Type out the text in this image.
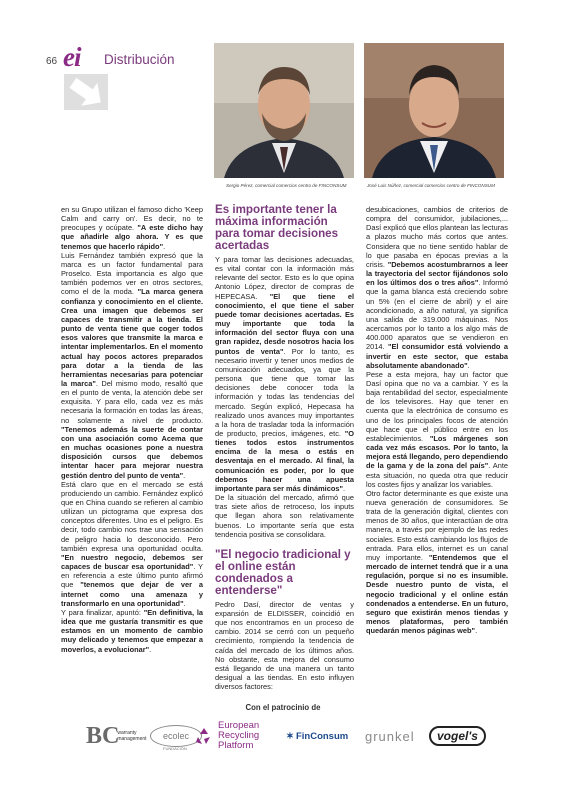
66 ei Distribución
Sergio Pérez, comercial comercios centro de FINCONSUM	José Luis Núñez, comercial comercios centro de FINCONSUM

en su Grupo utilizan el famoso dicho 'Keep Calm and carry on'. Es decir, no te preocupes y ocúpate. "A este dicho hay que añadirle algo ahora. Y es que tenemos que hacerlo rápido".

Luis Fernández también expresó que la marca es un factor fundamental para Proselco. Esta importancia es algo que también podemos ver en otros sectores, como el de la moda. "La marca genera confianza y conocimiento en el cliente. Crea una imagen que debemos ser capaces de transmitir a la tienda. El punto de venta tiene que coger todos esos valores que transmite la marca e intentar implementarlos. En el momento actual hay pocos actores preparados para dotar a la tienda de las herramientas necesarias para potenciar la marca". Del mismo modo, resaltó que en el punto de venta, la atención debe ser exquisita. Y para ello, cada vez es más necesaria la formación en todas las áreas, no solamente a nivel de producto. "Tenemos además la suerte de contar con una asociación como Acema que en muchas ocasiones pone a nuestra disposición cursos que debemos intentar hacer para mejorar nuestra gestión dentro del punto de venta".

Está claro que en el mercado se está produciendo un cambio. Fernández explicó que en China cuando se refieren al cambio utilizan un pictograma que expresa dos conceptos diferentes. Uno es el peligro. Es decir, todo cambio nos trae una sensación de peligro hacia lo desconocido. Pero también expresa una oportunidad oculta. "En nuestro negocio, debemos ser capaces de buscar esa oportunidad". Y en referencia a este último punto afirmó que "tenemos que dejar de ver a internet como una amenaza y transformarlo en una oportunidad".

Y para finalizar, apuntó: "En definitiva, la idea que me gustaría transmitir es que estamos en un momento de cambio muy delicado y tenemos que empezar a moverlos, a evolucionar".

Es importante tener la máxima información para tomar decisiones acertadas

Y para tomar las decisiones adecuadas, es vital contar con la información más relevante del sector. Esto es lo que opina Antonio López, director de compras de HEPECASA. "El que tiene el conocimiento, el que tiene el saber puede tomar decisiones acertadas. Es muy importante que toda la información del sector fluya con una gran rapidez, desde nosotros hacia los puntos de venta". Por lo tanto, es necesario invertir y tener unos medios de comunicación adecuados, ya que la persona que tiene que tomar las decisiones debe conocer toda la información y todas las tendencias del mercado. Según explicó, Hepecasa ha realizado unos avances muy importantes a la hora de trasladar toda la información de producto, precios, imágenes, etc. "O tienes todos estos instrumentos encima de la mesa o estás en desventaja en el mercado. Al final, la comunicación es poder, por lo que debemos hacer una apuesta importante para ser más dinámicos".

De la situación del mercado, afirmó que tras siete años de retroceso, los inputs que llegan ahora son relativamente buenos. Lo importante sería que esta tendencia positiva se consolidara.

"El negocio tradicional y el online están condenados a entenderse"

Pedro Dasí, director de ventas y expansión de ELDISSER, coincidió en que nos encontramos en un proceso de cambio. 2014 se cerró con un pequeño crecimiento, rompiendo la tendencia de caída del mercado de los últimos años. No obstante, esta mejora del consumo está llegando de una manera un tanto desigual a las tiendas. En esto influyen diversos factores:

desubicaciones, cambios de criterios de compra del consumidor, jubilaciones,... Dasí explicó que ellos plantean las lecturas a plazos mucho más cortos que antes. Considera que no tiene sentido hablar de lo que pasaba en épocas previas a la crisis. "Debemos acostumbrarnos a leer la trayectoria del sector fijándonos solo en los últimos dos o tres años". Informó que la gama blanca está creciendo sobre un 5% (en el cierre de abril) y el aire acondicionado, a año natural, ya significa una salida de 319.000 máquinas. Nos acercamos por lo tanto a los algo más de 400.000 aparatos que se vendieron en 2014. "El consumidor está volviendo a invertir en este sector, que estaba absolutamente abandonado".

Pese a esta mejora, hay un factor que Dasí opina que no va a cambiar. Y es la baja rentabilidad del sector, especialmente de los televisores. Hay que tener en cuenta que la electrónica de consumo es uno de los principales focos de atención que hace que el público entre en los establecimientos. "Los márgenes son cada vez más escasos. Por lo tanto, la mejora está llegando, pero dependiendo de la gama y de la zona del país". Ante esta situación, no queda otra que reducir los costes fijos y analizar los variables.

Otro factor determinante es que existe una nueva generación de consumidores. Se trata de la generación digital, clientes con menos de 30 años, que interactúan de otra manera, a través por ejemplo de las redes sociales. Esto está cambiando los flujos de entrada. Para ellos, internet es un canal muy importante. "Entendemos que el mercado de internet tendrá que ir a una regulación, porque si no es insumible. Desde nuestro punto de vista, el negocio tradicional y el online están condenados a entenderse. En un futuro, seguro que existirán menos tiendas y menos plataformas, pero también quedarán menos páginas web".

Con el patrocinio de
BC
warranty
management	ecolec
FUNDACIÓN
European
Recycling
Platform
✶ FinConsum grunkel	vogel's
